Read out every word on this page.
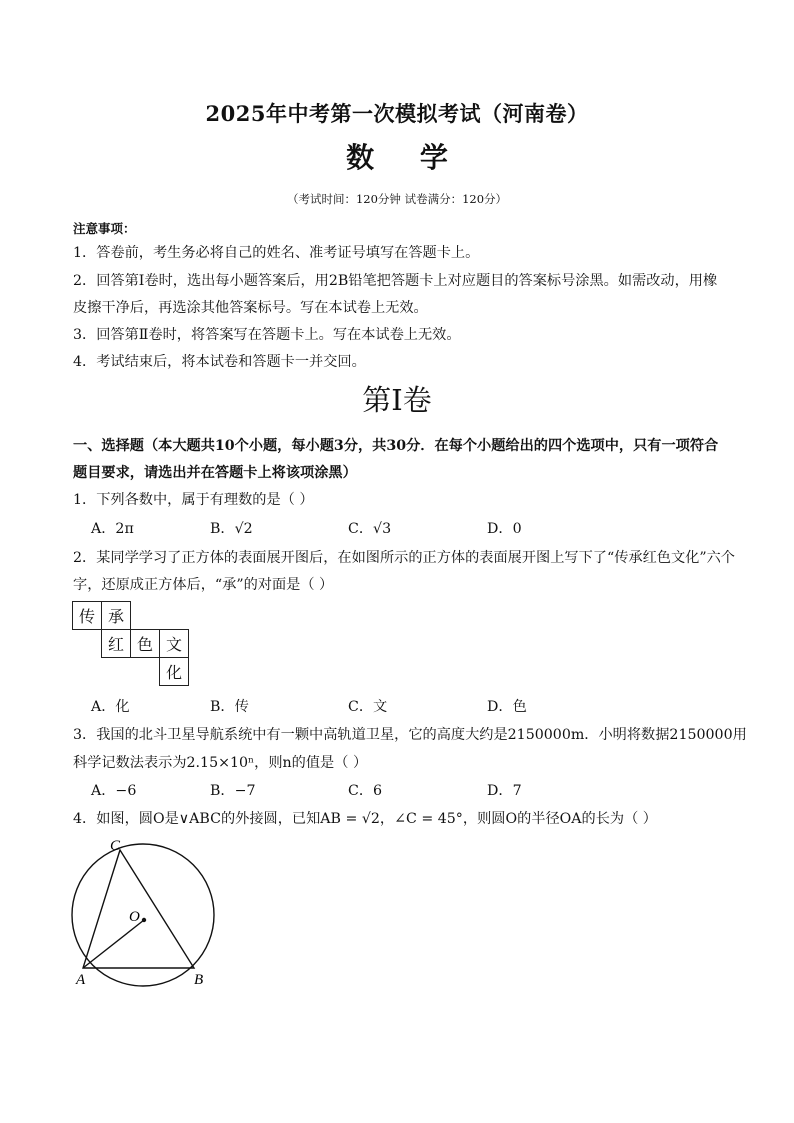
2025年中考第一次模拟考试（河南卷）
数 学
（考试时间：120分钟 试卷满分：120分）
注意事项：
1．答卷前，考生务必将自己的姓名、准考证号填写在答题卡上。
2．回答第Ⅰ卷时，选出每小题答案后，用2B铅笔把答题卡上对应题目的答案标号涂黑。如需改动，用橡
皮擦干净后，再选涂其他答案标号。写在本试卷上无效。
3．回答第Ⅱ卷时，将答案写在答题卡上。写在本试卷上无效。
4．考试结束后，将本试卷和答题卡一并交回。
第Ⅰ卷
一、选择题（本大题共10个小题，每小题3分，共30分．在每个小题给出的四个选项中，只有一项符合
题目要求，请选出并在答题卡上将该项涂黑）
1．下列各数中，属于有理数的是（ ）
A．2π	B．√2	C．√3	D．0
2．某同学学习了正方体的表面展开图后，在如图所示的正方体的表面展开图上写下了“传承红色文化”六个
字，还原成正方体后，“承”的对面是（ ）
传	承		
	红	色	文
			化
A．化	B．传	C．文	D．色
3．我国的北斗卫星导航系统中有一颗中高轨道卫星，它的高度大约是2150000m．小明将数据2150000用
科学记数法表示为2.15×10ⁿ，则n的值是（ ）
A．−6	B．−7	C．6	D．7
4．如图，圆O是∨ABC的外接圆，已知AB = √2，∠C = 45°，则圆O的半径OA的长为（ ）
C
O
A	B
